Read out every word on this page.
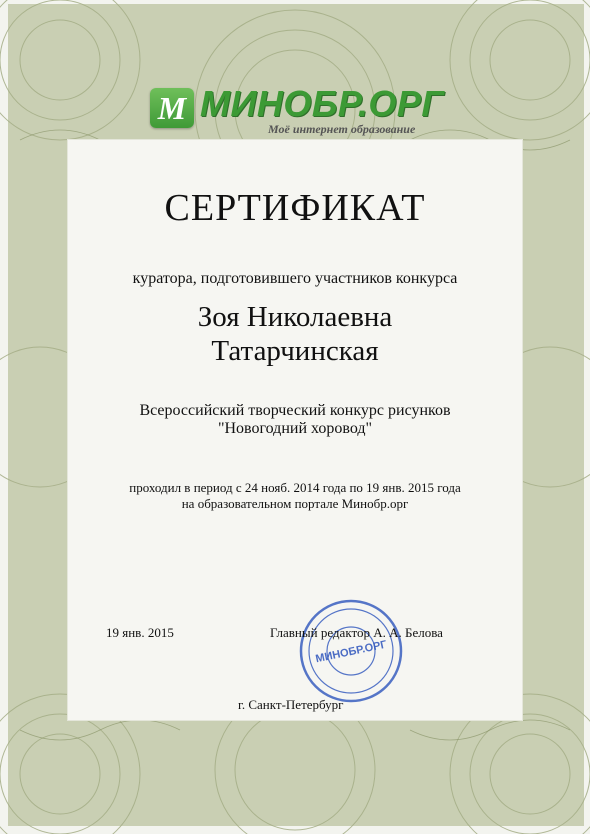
M МИНОБР.ОРГ
Моё интернет образование
СЕРТИФИКАТ
куратора, подготовившего участников конкурса
Зоя Николаевна
Татарчинская
Всероссийский творческий конкурс рисунков
"Новогодний хоровод"
проходил в период с 24 нояб. 2014 года по 19 янв. 2015 года
на образовательном портале Минобр.орг
19 янв. 2015
МИНОБР.ОРГ
Главный редактор А. А. Белова
г. Санкт-Петербург
